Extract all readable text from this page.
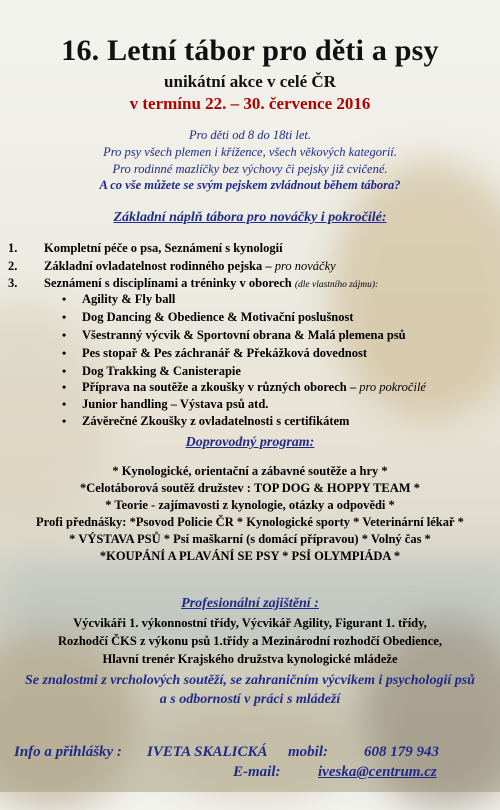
16. Letní tábor pro děti a psy
unikátní akce v celé ČR
v termínu 22. – 30. července 2016
Pro děti od 8 do 18ti let.
Pro psy všech plemen i křížence, všech věkových kategorií.
Pro rodinné mazlíčky bez výchovy či pejsky již cvičené.
A co vše můžete se svým pejskem zvládnout během tábora?
Základní náplň tábora pro nováčky i pokročilé:
1. Kompletní péče o psa, Seznámení s kynologií
2. Základní ovladatelnost rodinného pejska – pro nováčky
3. Seznámení s disciplínami a tréninky v oborech (dle vlastního zájmu):
• Agility & Fly ball
• Dog Dancing & Obedience & Motivační poslušnost
• Všestranný výcvik & Sportovní obrana & Malá plemena psů
• Pes stopař & Pes záchranář & Překážková dovednost
• Dog Trakking & Canisterapie
• Příprava na soutěže a zkoušky v různých oborech – pro pokročilé
• Junior handling – Výstava psů atd.
• Závěrečné Zkoušky z ovladatelnosti s certifikátem
Doprovodný program:
* Kynologické, orientační a zábavné soutěže a hry *
*Celotáborová soutěž družstev : TOP DOG & HOPPY TEAM *
* Teorie - zajímavosti z kynologie, otázky a odpovědi *
Profi přednášky: *Psovod Policie ČR * Kynologické sporty * Veterinární lékař *
* VÝSTAVA PSŮ * Psí maškarní (s domácí přípravou) * Volný čas *
*KOUPÁNÍ A PLAVÁNÍ SE PSY * PSÍ OLYMPIÁDA *
Profesionální zajištění :
Výcvikáři 1. výkonnostní třídy, Výcvikář Agility, Figurant 1. třídy,
Rozhodčí ČKS z výkonu psů 1.třídy a Mezinárodní rozhodčí Obedience,
Hlavní trenér Krajského družstva kynologické mládeže
Se znalostmi z vrcholových soutěží, se zahraničním výcvikem i psychologií psů
a s odborností v práci s mládeží
Info a přihlášky : IVETA SKALICKÁ mobil: 608 179 943
E-mail:	iveska@centrum.cz
